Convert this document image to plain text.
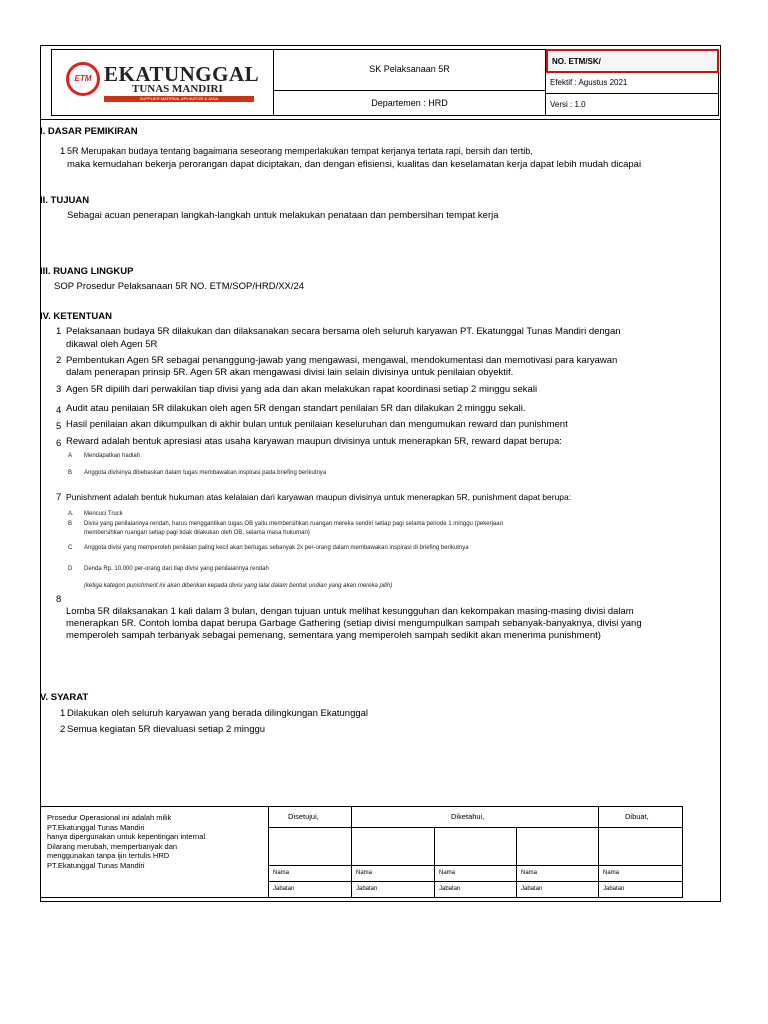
ETM EKATUNGGAL
TUNAS MANDIRI
SUPPLIER MATERIAL APLIKATOR & JASA
SK Pelaksanaan 5R
Departemen : HRD
NO. ETM/SK/
Efektif : Agustus 2021
Versi : 1.0
I. DASAR PEMIKIRAN
1 5R Merupakan budaya tentang bagaimana seseorang memperlakukan tempat kerjanya tertata rapi, bersih dan tertib,
maka kemudahan bekerja perorangan dapat diciptakan, dan dengan efisiensi, kualitas dan keselamatan kerja dapat lebih mudah dicapai
II. TUJUAN
Sebagai acuan penerapan langkah-langkah untuk melakukan penataan dan pembersihan tempat kerja
III. RUANG LINGKUP
SOP Prosedur Pelaksanaan 5R NO. ETM/SOP/HRD/XX/24
IV. KETENTUAN
1 Pelaksanaan budaya 5R dilakukan dan dilaksanakan secara bersama oleh seluruh karyawan PT. Ekatunggal Tunas Mandiri dengan
dikawal oleh Agen 5R
2 Pembentukan Agen 5R sebagai penanggung-jawab yang mengawasi, mengawal, mendokumentasi dan memotivasi para karyawan
dalam penerapan prinsip 5R. Agen 5R akan mengawasi divisi lain selain divisinya untuk penilaian obyektif.
3 Agen 5R dipilih dari perwakilan tiap divisi yang ada dan akan melakukan rapat koordinasi setiap 2 minggu sekali
4 Audit atau penilaian 5R dilakukan oleh agen 5R dengan standart penilaian 5R dan dilakukan 2 minggu sekali.
5 Hasil penilaian akan dikumpulkan di akhir bulan untuk penilaian keseluruhan dan mengumukan reward dan punishment
6 Reward adalah bentuk apresiasi atas usaha karyawan maupun divisinya untuk menerapkan 5R, reward dapat berupa:
A Mendapatkan hadiah
B Anggota divisinya dibebaskan dalam tugas membawakan inspirasi pada briefing berikutnya
7 Punishment adalah bentuk hukuman atas kelalaian dari karyawan maupun divisinya untuk menerapkan 5R, punishment dapat berupa:
A. Mencuci Truck
B Divisi yang penilaiannya rendah, harus menggantikan tugas OB yaitu membersihkan ruangan mereka sendiri setiap pagi selama periode 1 minggu (pekerjaan
membersihkan ruangan setiap pagi tidak dilakukan oleh OB, selama masa hukuman)
C Anggota divisi yang memperoleh penilaian paling kecil akan bertugas sebanyak 2x per-orang dalam membawakan inspirasi di briefing berikutnya
D Denda Rp. 10.000 per-orang dari tiap divisi yang penilaiannya rendah
(ketiga kategori punishment ini akan diberikan kepada divisi yang lalai dalam bentuk undian yang akan mereka pilih)
8
Lomba 5R dilaksanakan 1 kali dalam 3 bulan, dengan tujuan untuk melihat kesungguhan dan kekompakan masing-masing divisi dalam
menerapkan 5R. Contoh lomba dapat berupa Garbage Gathering (setiap divisi mengumpulkan sampah sebanyak-banyaknya, divisi yang
memperoleh sampah terbanyak sebagai pemenang, sementara yang memperoleh sampah sedikit akan menerima punishment)
V. SYARAT
1 Dilakukan oleh seluruh karyawan yang berada dilingkungan Ekatunggal
2 Semua kegiatan 5R dievaluasi setiap 2 minggu
Prosedur Operasional ini adalah milik
PT.Ekatunggal Tunas Mandiri
hanya dipergunakan untuk kepentingan internal.
Dilarang merubah, memperbanyak dan
menggunakan tanpa ijin tertulis HRD
PT.Ekatunggal Tunas Mandiri
Disetujui,	Diketahui,	Dibuat,
Nama	Nama	Nama	Nama	Nama
Jabatan	Jabatan	Jabatan	Jabatan	Jabatan
